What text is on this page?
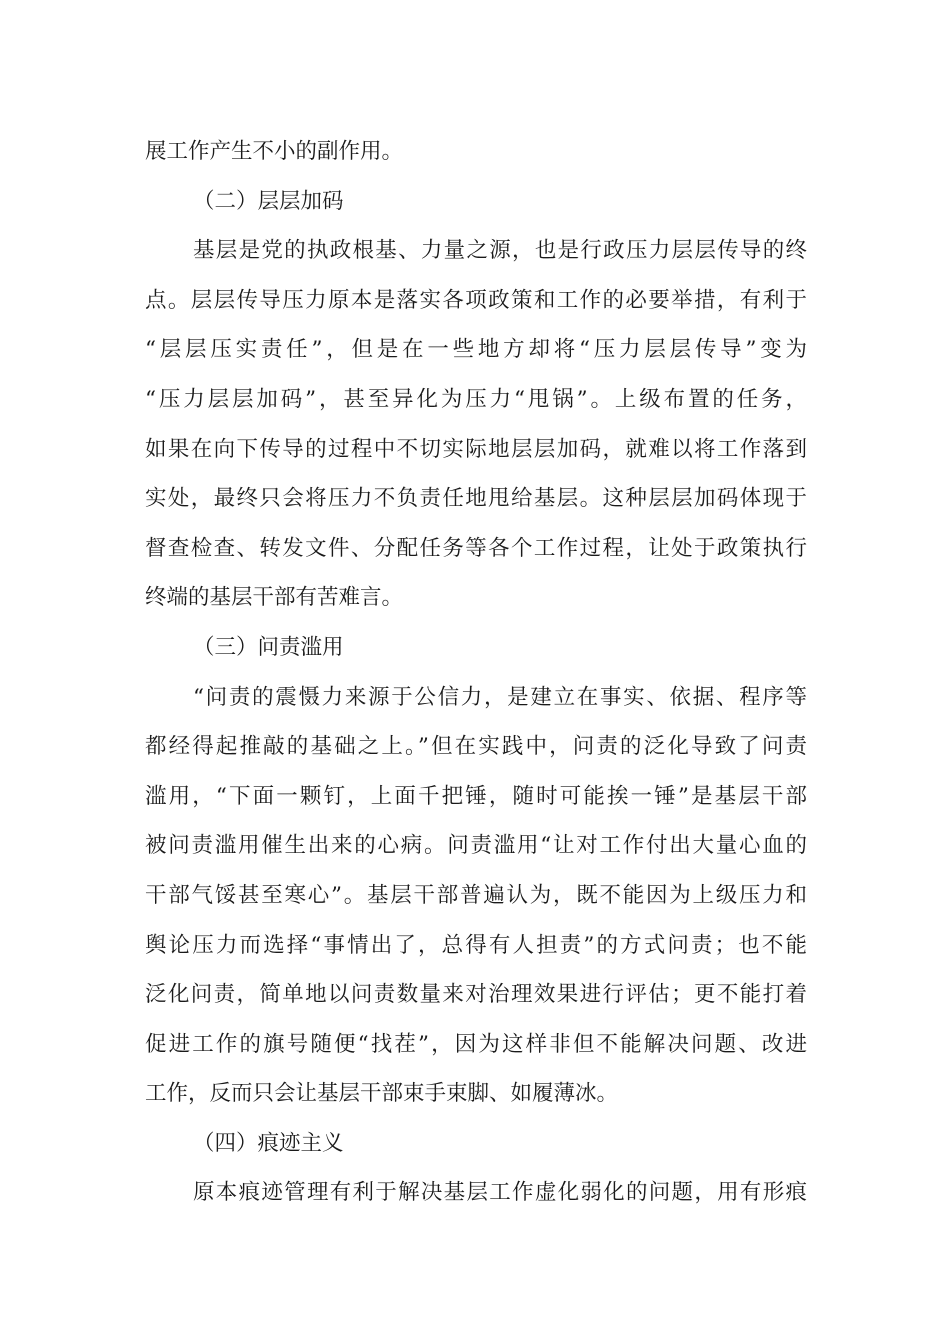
展工作产生不小的副作用。
（二）层层加码
基层是党的执政根基、力量之源，也是行政压力层层传导的终
点。层层传导压力原本是落实各项政策和工作的必要举措，有利于
“层层压实责任”，但是在一些地方却将“压力层层传导”变为
“压力层层加码”，甚至异化为压力“甩锅”。上级布置的任务，
如果在向下传导的过程中不切实际地层层加码，就难以将工作落到
实处，最终只会将压力不负责任地甩给基层。这种层层加码体现于
督查检查、转发文件、分配任务等各个工作过程，让处于政策执行
终端的基层干部有苦难言。
（三）问责滥用
“问责的震慑力来源于公信力，是建立在事实、依据、程序等
都经得起推敲的基础之上。”但在实践中，问责的泛化导致了问责
滥用，“下面一颗钉，上面千把锤，随时可能挨一锤”是基层干部
被问责滥用催生出来的心病。问责滥用“让对工作付出大量心血的
干部气馁甚至寒心”。基层干部普遍认为，既不能因为上级压力和
舆论压力而选择“事情出了，总得有人担责”的方式问责；也不能
泛化问责，简单地以问责数量来对治理效果进行评估；更不能打着
促进工作的旗号随便“找茬”，因为这样非但不能解决问题、改进
工作，反而只会让基层干部束手束脚、如履薄冰。
（四）痕迹主义
原本痕迹管理有利于解决基层工作虚化弱化的问题，用有形痕
